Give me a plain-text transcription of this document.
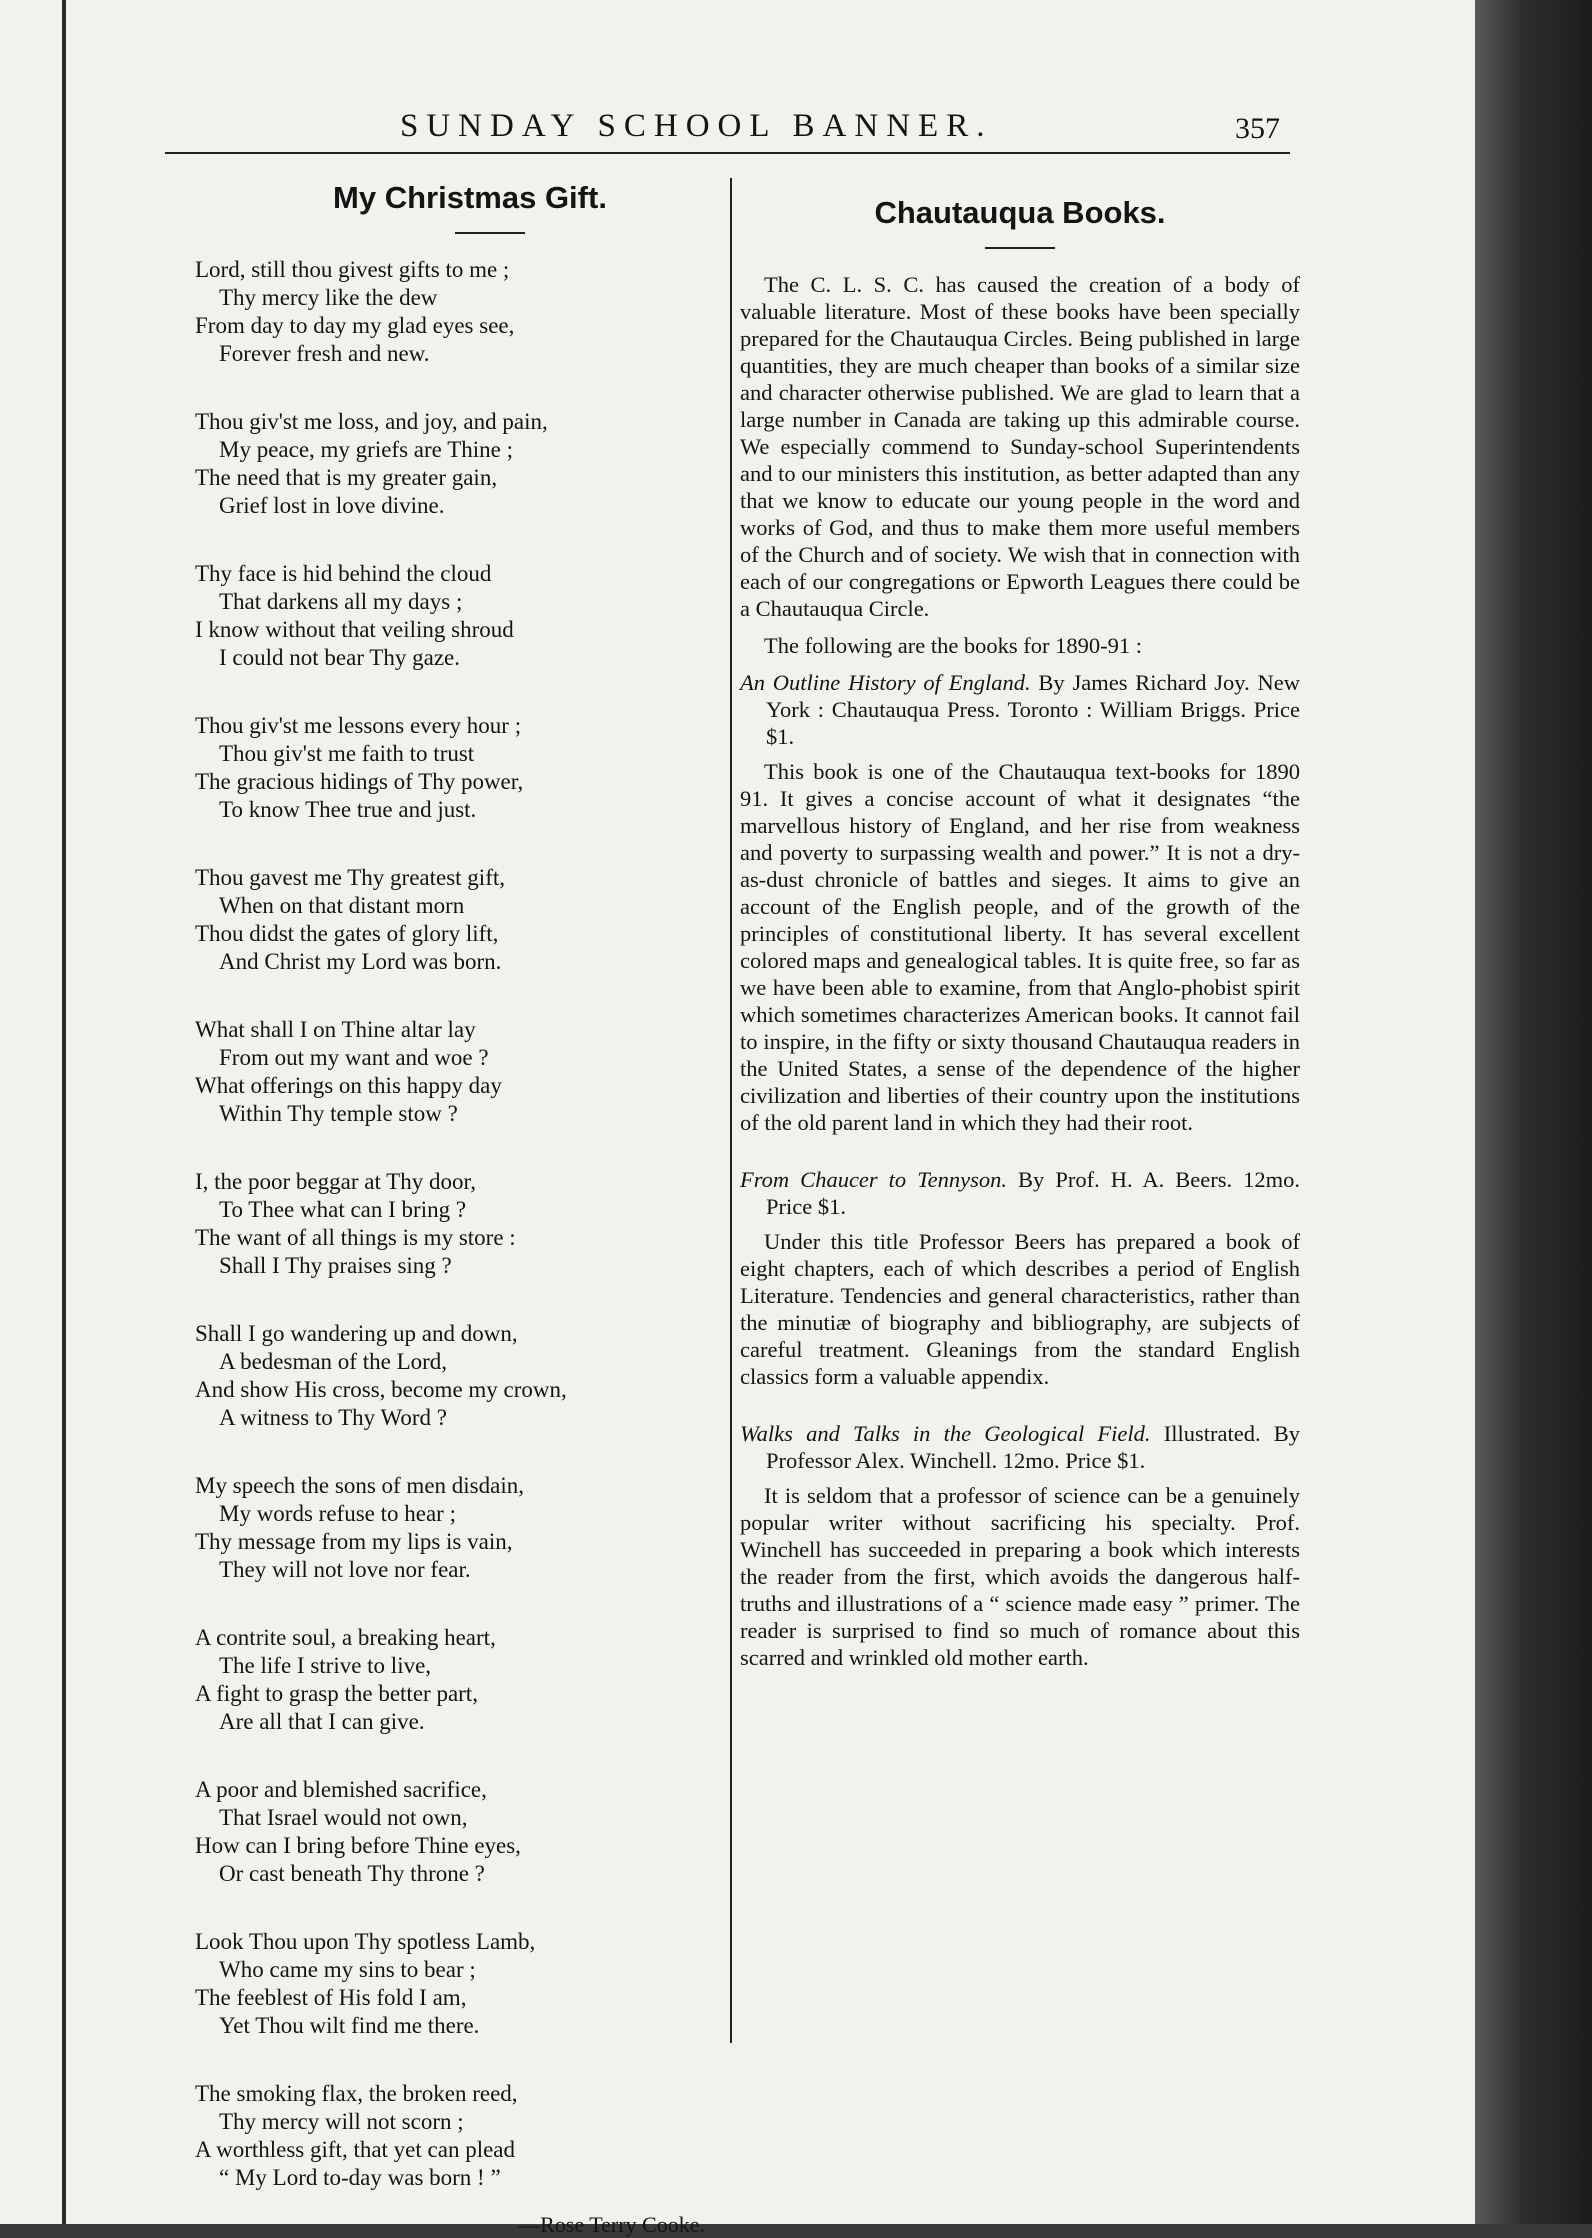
SUNDAY SCHOOL BANNER.	357
My Christmas Gift.
Lord, still thou givest gifts to me ;
Thy mercy like the dew
From day to day my glad eyes see,
Forever fresh and new.
Thou giv'st me loss, and joy, and pain,
My peace, my griefs are Thine ;
The need that is my greater gain,
Grief lost in love divine.
Thy face is hid behind the cloud
That darkens all my days ;
I know without that veiling shroud
I could not bear Thy gaze.
Thou giv'st me lessons every hour ;
Thou giv'st me faith to trust
The gracious hidings of Thy power,
To know Thee true and just.
Thou gavest me Thy greatest gift,
When on that distant morn
Thou didst the gates of glory lift,
And Christ my Lord was born.
What shall I on Thine altar lay
From out my want and woe ?
What offerings on this happy day
Within Thy temple stow ?
I, the poor beggar at Thy door,
To Thee what can I bring ?
The want of all things is my store :
Shall I Thy praises sing ?
Shall I go wandering up and down,
A bedesman of the Lord,
And show His cross, become my crown,
A witness to Thy Word ?
My speech the sons of men disdain,
My words refuse to hear ;
Thy message from my lips is vain,
They will not love nor fear.
A contrite soul, a breaking heart,
The life I strive to live,
A fight to grasp the better part,
Are all that I can give.
A poor and blemished sacrifice,
That Israel would not own,
How can I bring before Thine eyes,
Or cast beneath Thy throne ?
Look Thou upon Thy spotless Lamb,
Who came my sins to bear ;
The feeblest of His fold I am,
Yet Thou wilt find me there.
The smoking flax, the broken reed,
Thy mercy will not scorn ;
A worthless gift, that yet can plead
“ My Lord to-day was born ! ”
—Rose Terry Cooke.
Chautauqua Books.

The C. L. S. C. has caused the creation of a body of valuable literature. Most of these books have been specially prepared for the Chautauqua Circles. Being published in large quantities, they are much cheaper than books of a similar size and character otherwise published. We are glad to learn that a large number in Canada are taking up this admirable course. We especially commend to Sunday-school Superintendents and to our ministers this institution, as better adapted than any that we know to educate our young people in the word and works of God, and thus to make them more useful members of the Church and of society. We wish that in connection with each of our congregations or Epworth Leagues there could be a Chautauqua Circle.

The following are the books for 1890-91 :

An Outline History of England. By James Richard Joy. New York : Chautauqua Press. Toronto : William Briggs. Price $1.

This book is one of the Chautauqua text-books for 1890 91. It gives a concise account of what it designates “the marvellous history of England, and her rise from weakness and poverty to surpassing wealth and power.” It is not a dry-as-dust chronicle of battles and sieges. It aims to give an account of the English people, and of the growth of the principles of constitutional liberty. It has several excellent colored maps and genealogical tables. It is quite free, so far as we have been able to examine, from that Anglo-phobist spirit which sometimes characterizes American books. It cannot fail to inspire, in the fifty or sixty thousand Chautauqua readers in the United States, a sense of the dependence of the higher civilization and liberties of their country upon the institutions of the old parent land in which they had their root.

From Chaucer to Tennyson. By Prof. H. A. Beers. 12mo. Price $1.

Under this title Professor Beers has prepared a book of eight chapters, each of which describes a period of English Literature. Tendencies and general characteristics, rather than the minutiæ of biography and bibliography, are subjects of careful treatment. Gleanings from the standard English classics form a valuable appendix.

Walks and Talks in the Geological Field. Illustrated. By Professor Alex. Winchell. 12mo. Price $1.

It is seldom that a professor of science can be a genuinely popular writer without sacrificing his specialty. Prof. Winchell has succeeded in preparing a book which interests the reader from the first, which avoids the dangerous half-truths and illustrations of a “ science made easy ” primer. The reader is surprised to find so much of romance about this scarred and wrinkled old mother earth.
